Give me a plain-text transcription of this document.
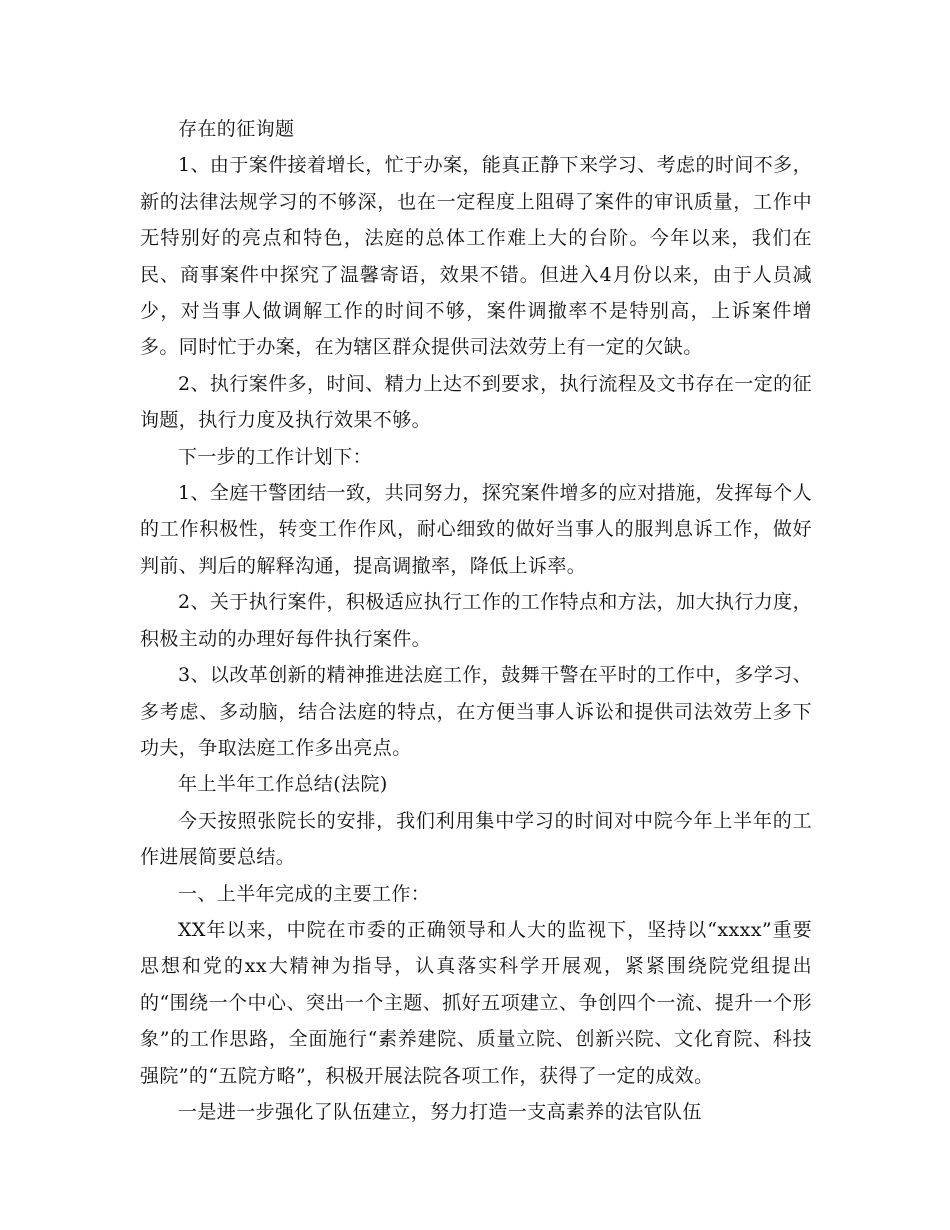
存在的征询题

1、由于案件接着增长，忙于办案，能真正静下来学习、考虑的时间不多，新的法律法规学习的不够深，也在一定程度上阻碍了案件的审讯质量，工作中无特别好的亮点和特色，法庭的总体工作难上大的台阶。今年以来，我们在民、商事案件中探究了温馨寄语，效果不错。但进入4月份以来，由于人员减少，对当事人做调解工作的时间不够，案件调撤率不是特别高，上诉案件增多。同时忙于办案，在为辖区群众提供司法效劳上有一定的欠缺。

2、执行案件多，时间、精力上达不到要求，执行流程及文书存在一定的征询题，执行力度及执行效果不够。

下一步的工作计划下：

1、全庭干警团结一致，共同努力，探究案件增多的应对措施，发挥每个人的工作积极性，转变工作作风，耐心细致的做好当事人的服判息诉工作，做好判前、判后的解释沟通，提高调撤率，降低上诉率。

2、关于执行案件，积极适应执行工作的工作特点和方法，加大执行力度，积极主动的办理好每件执行案件。

3、以改革创新的精神推进法庭工作，鼓舞干警在平时的工作中，多学习、多考虑、多动脑，结合法庭的特点，在方便当事人诉讼和提供司法效劳上多下功夫，争取法庭工作多出亮点。

年上半年工作总结(法院)

今天按照张院长的安排，我们利用集中学习的时间对中院今年上半年的工作进展简要总结。

一、上半年完成的主要工作：

XX年以来，中院在市委的正确领导和人大的监视下，坚持以“xxxx”重要思想和党的xx大精神为指导，认真落实科学开展观，紧紧围绕院党组提出的“围绕一个中心、突出一个主题、抓好五项建立、争创四个一流、提升一个形象”的工作思路，全面施行“素养建院、质量立院、创新兴院、文化育院、科技强院”的“五院方略”，积极开展法院各项工作，获得了一定的成效。

一是进一步强化了队伍建立，努力打造一支高素养的法官队伍
